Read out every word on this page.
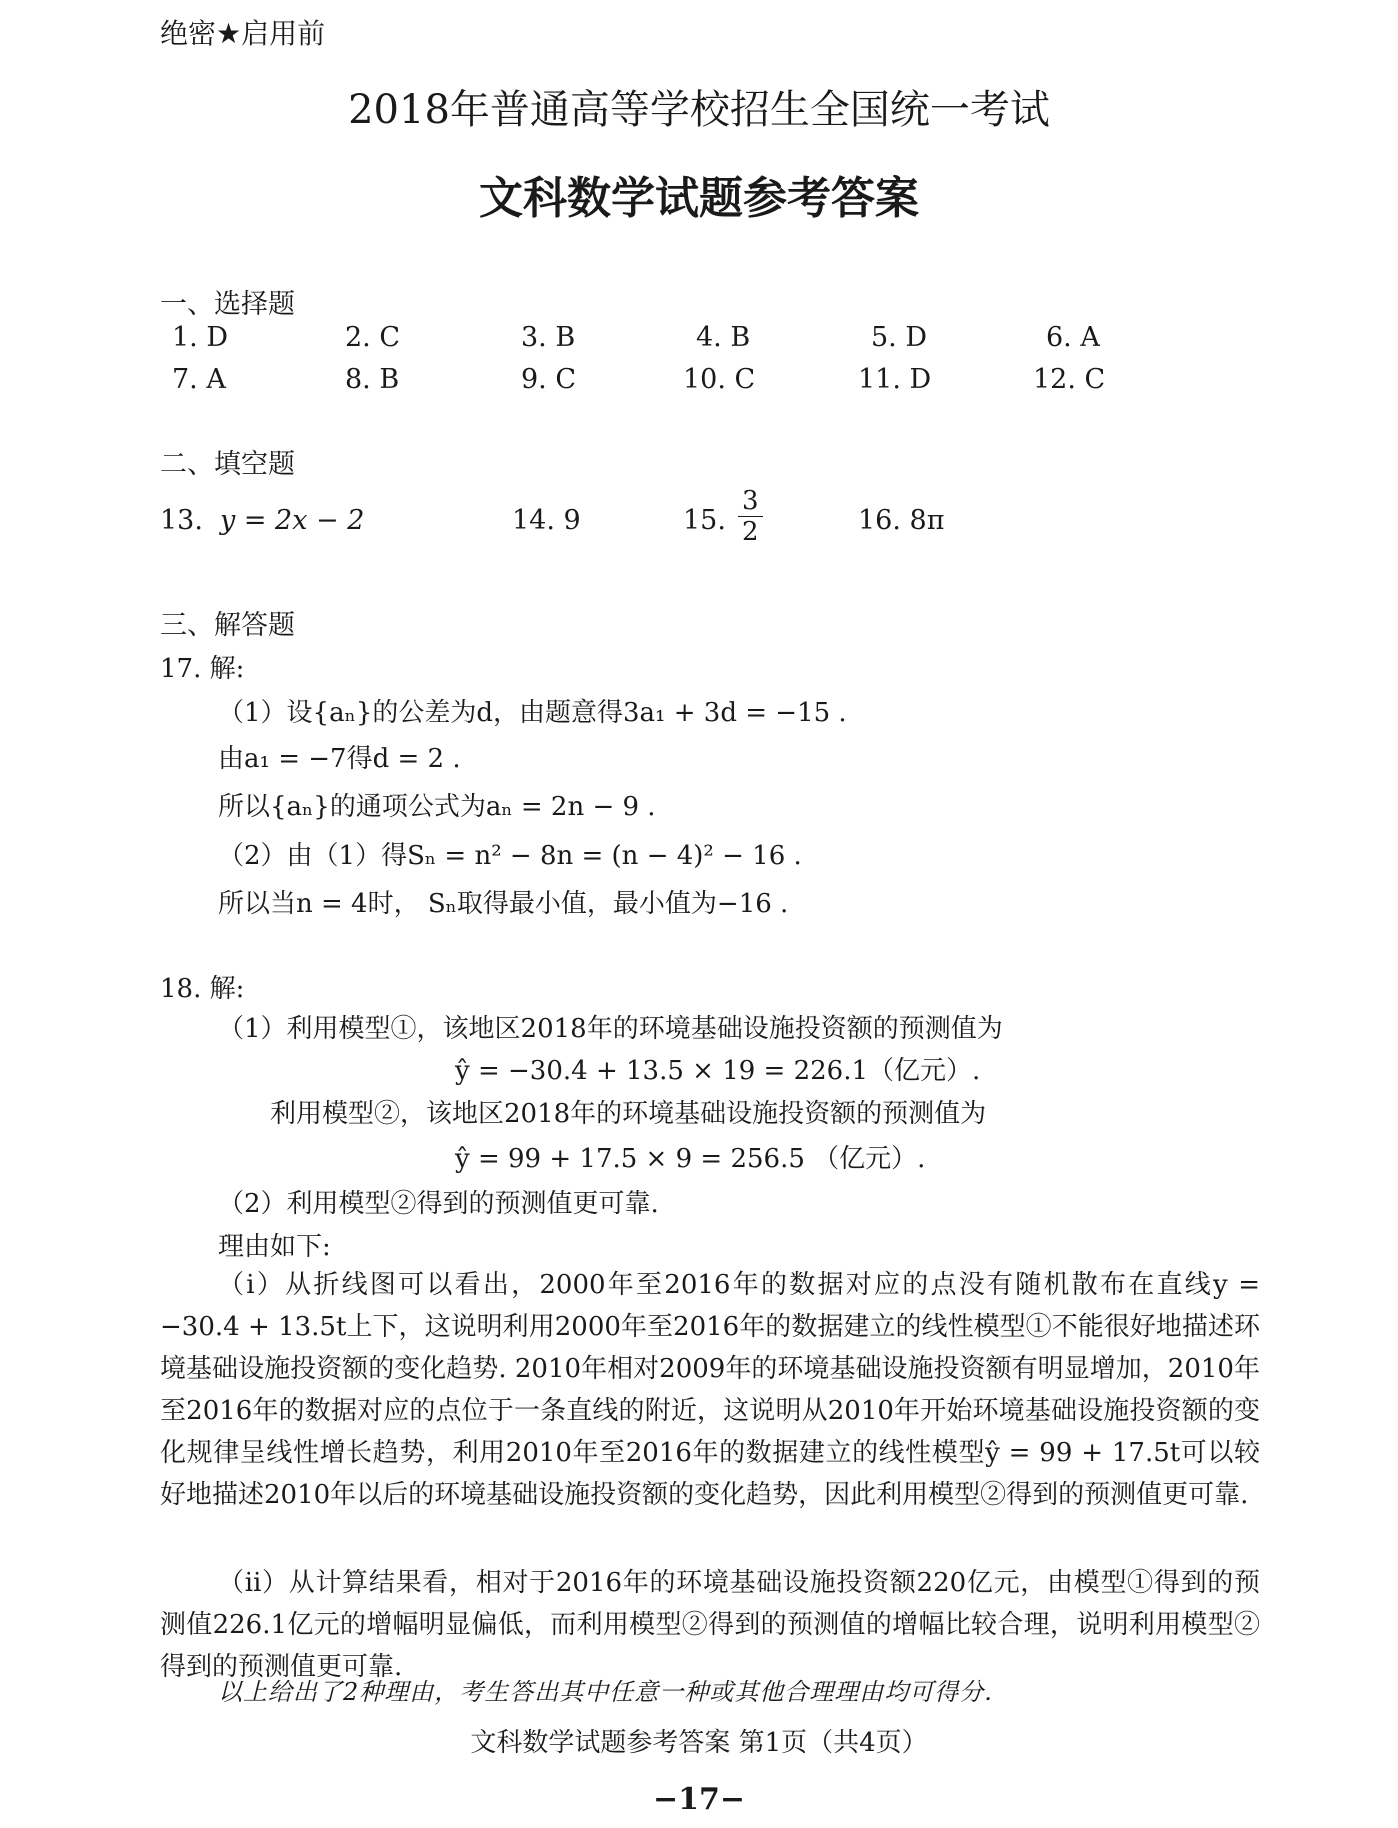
绝密★启用前
2018年普通高等学校招生全国统一考试
文科数学试题参考答案
一、选择题
1. D	2. C	3. B	4. B	5. D	6. A
7. A	8. B	9. C	10. C	11. D	12. C
二、填空题
13. y = 2x − 2	14. 9	15. $\frac{3}{2}$	16. 8π
三、解答题
17. 解:
（1）设{aₙ}的公差为d，由题意得3a₁ + 3d = −15 .
由a₁ = −7得d = 2 .
所以{aₙ}的通项公式为aₙ = 2n − 9 .
（2）由（1）得Sₙ = n² − 8n = (n − 4)² − 16 .
所以当n = 4时， Sₙ取得最小值，最小值为−16 .
18. 解:
（1）利用模型①，该地区2018年的环境基础设施投资额的预测值为
ŷ = −30.4 + 13.5 × 19 = 226.1（亿元）.
利用模型②，该地区2018年的环境基础设施投资额的预测值为
ŷ = 99 + 17.5 × 9 = 256.5 （亿元）.
（2）利用模型②得到的预测值更可靠.
理由如下:
（ⅰ）从折线图可以看出，2000年至2016年的数据对应的点没有随机散布在直线y = −30.4 + 13.5t上下，这说明利用2000年至2016年的数据建立的线性模型①不能很好地描述环境基础设施投资额的变化趋势. 2010年相对2009年的环境基础设施投资额有明显增加，2010年至2016年的数据对应的点位于一条直线的附近，这说明从2010年开始环境基础设施投资额的变化规律呈线性增长趋势，利用2010年至2016年的数据建立的线性模型ŷ = 99 + 17.5t可以较好地描述2010年以后的环境基础设施投资额的变化趋势，因此利用模型②得到的预测值更可靠.
（ⅱ）从计算结果看，相对于2016年的环境基础设施投资额220亿元，由模型①得到的预测值226.1亿元的增幅明显偏低，而利用模型②得到的预测值的增幅比较合理，说明利用模型②得到的预测值更可靠.
以上给出了2种理由，考生答出其中任意一种或其他合理理由均可得分.
文科数学试题参考答案 第1页（共4页）
−17−
